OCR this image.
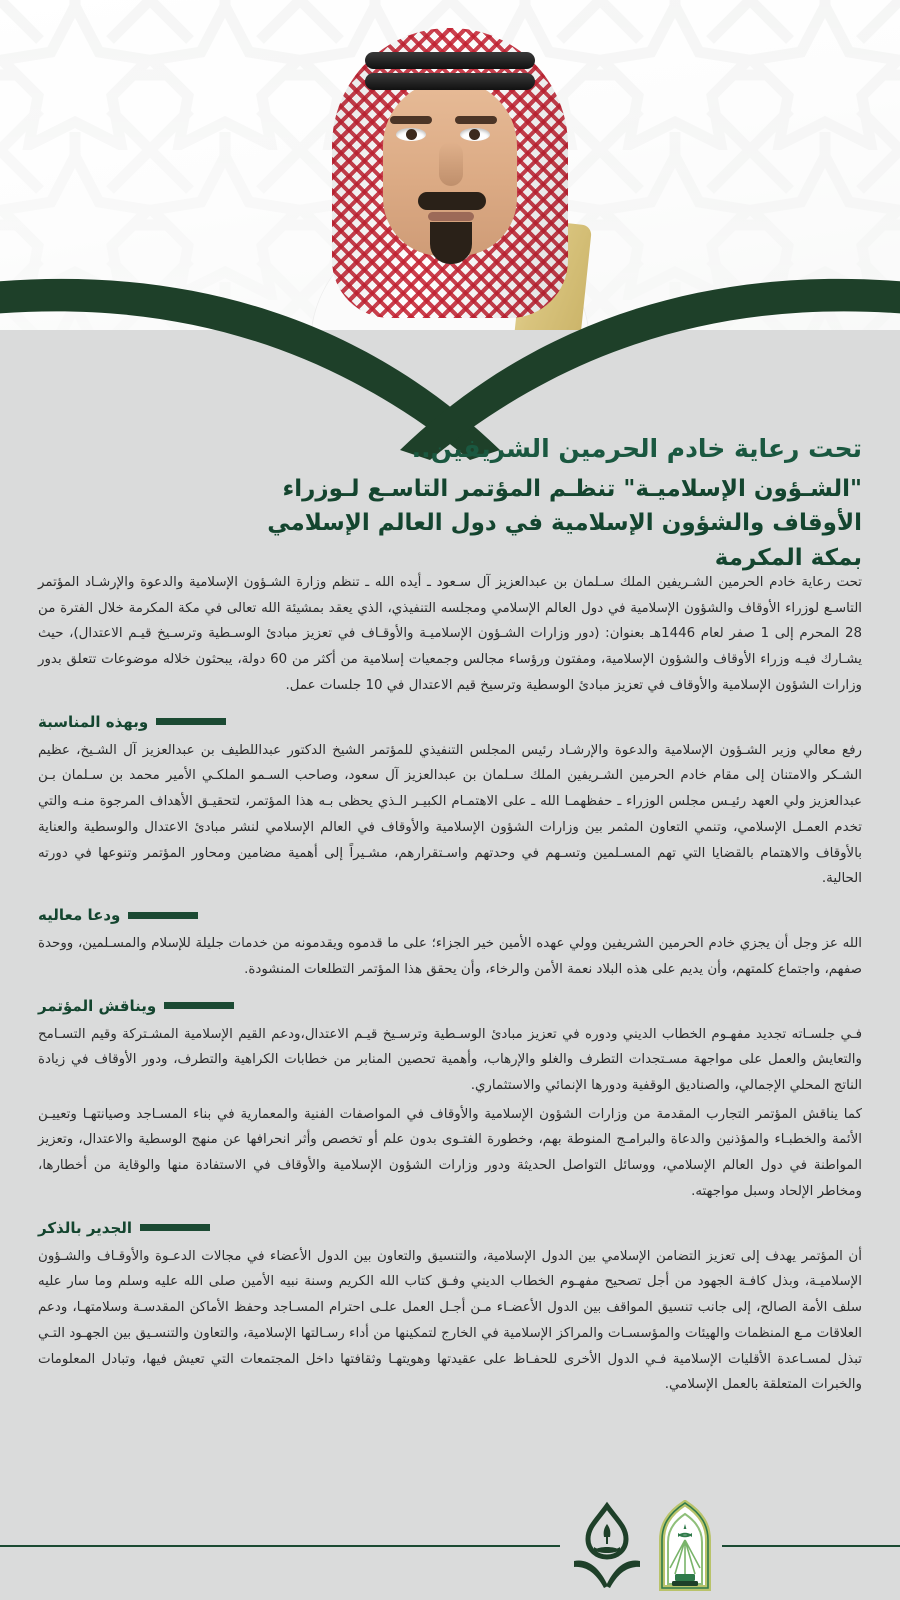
تحت رعاية خادم الحرمين الشريفين..
"الشـؤون الإسلامیـة" تنظـم المؤتمر التاسـع لـوزراء الأوقاف والشؤون الإسلامية في دول العالم الإسلامي بمكة المكرمة

تحت رعاية خادم الحرمين الشـريفين الملك سـلمان بن عبدالعزيز آل سـعود ـ أيده الله ـ تنظم وزارة الشـؤون الإسلامية والدعوة والإرشـاد المؤتمر التاسـع لوزراء الأوقاف والشؤون الإسلامية في دول العالم الإسلامي ومجلسه التنفيذي، الذي يعقد بمشيئة الله تعالى في مكة المكرمة خلال الفترة من 28 المحرم إلى 1 صفر لعام 1446هـ بعنوان: (دور وزارات الشـؤون الإسلاميـة والأوقـاف في تعزيز مبادئ الوسـطية وترسـيخ قيـم الاعتدال)، حيث يشـارك فيـه وزراء الأوقاف والشؤون الإسلامية، ومفتون ورؤساء مجالس وجمعيات إسلامية من أكثر من 60 دولة، يبحثون خلاله موضوعات تتعلق بدور وزارات الشؤون الإسلامية والأوقاف في تعزيز مبادئ الوسطية وترسيخ قيم الاعتدال في 10 جلسات عمل.

وبهذه المناسبة

رفع معالي وزير الشـؤون الإسلامية والدعوة والإرشـاد رئيس المجلس التنفيذي للمؤتمر الشيخ الدكتور عبداللطيف بن عبدالعزيز آل الشـيخ، عظيم الشـكر والامتنان إلى مقام خادم الحرمين الشـريفين الملك سـلمان بن عبدالعزيز آل سعود، وصاحب السـمو الملكـي الأمير محمد بن سـلمان بـن عبدالعزيز ولي العهد رئيـس مجلس الوزراء ـ حفظهمـا الله ـ على الاهتمـام الكبيـر الـذي يحظى بـه هذا المؤتمر، لتحقيـق الأهداف المرجوة منـه والتي تخدم العمـل الإسلامي، وتنمي التعاون المثمر بين وزارات الشؤون الإسلامية والأوقاف في العالم الإسلامي لنشر مبادئ الاعتدال والوسطية والعناية بالأوقاف والاهتمام بالقضايا التي تهم المسـلمين وتسـهم في وحدتهم واسـتقرارهم، مشـيراً إلى أهمية مضامين ومحاور المؤتمر وتنوعها في دورته الحالية.

ودعا معاليه

الله عز وجل أن يجزي خادم الحرمين الشريفين وولي عهده الأمين خير الجزاء؛ على ما قدموه ويقدمونه من خدمات جليلة للإسلام والمسـلمين، ووحدة صفهم، واجتماع كلمتهم، وأن يديم على هذه البلاد نعمة الأمن والرخاء، وأن يحقق هذا المؤتمر التطلعات المنشودة.

ويناقش المؤتمر

فـي جلسـاته تجديد مفهـوم الخطاب الديني ودوره في تعزيز مبادئ الوسـطية وترسـيخ قيـم الاعتدال،ودعم القيم الإسلامية المشـتركة وقيم التسـامح والتعايش والعمل على مواجهة مسـتجدات التطرف والغلو والإرهاب، وأهمية تحصين المنابر من خطابات الكراهية والتطرف، ودور الأوقاف في زيادة الناتج المحلي الإجمالي، والصناديق الوقفية ودورها الإنمائي والاستثماري.

كما يناقش المؤتمر التجارب المقدمة من وزارات الشؤون الإسلامية والأوقاف في المواصفات الفنية والمعمارية في بناء المسـاجد وصيانتهـا وتعييـن الأئمة والخطبـاء والمؤذنين والدعاة والبرامـج المنوطة بهم، وخطورة الفتـوى بدون علم أو تخصص وأثر انحرافها عن منهج الوسطية والاعتدال، وتعزيز المواطنة في دول العالم الإسلامي، ووسائل التواصل الحديثة ودور وزارات الشؤون الإسلامية والأوقاف في الاستفادة منها والوقاية من أخطارها، ومخاطر الإلحاد وسبل مواجهته.

الجدير بالذكر

أن المؤتمر يهدف إلى تعزيز التضامن الإسلامي بين الدول الإسلامية، والتنسيق والتعاون بين الدول الأعضاء في مجالات الدعـوة والأوقـاف والشـؤون الإسلاميـة، وبذل كافـة الجهود من أجل تصحيح مفهـوم الخطاب الديني وفـق كتاب الله الكريم وسنة نبيه الأمين صلى الله عليه وسلم وما سار عليه سلف الأمة الصالح، إلى جانب تنسيق المواقف بين الدول الأعضـاء مـن أجـل العمل علـى احترام المسـاجد وحفظ الأماكن المقدسـة وسلامتهـا، ودعم العلاقات مـع المنظمات والهيئات والمؤسسـات والمراكز الإسلامية في الخارج لتمكينها من أداء رسـالتها الإسلامية، والتعاون والتنسـيق بين الجهـود التـي تبذل لمسـاعدة الأقليات الإسلامية فـي الدول الأخرى للحفـاظ على عقيدتها وهويتهـا وثقافتها داخل المجتمعات التي تعيش فيها، وتبادل المعلومات والخبرات المتعلقة بالعمل الإسلامي.
